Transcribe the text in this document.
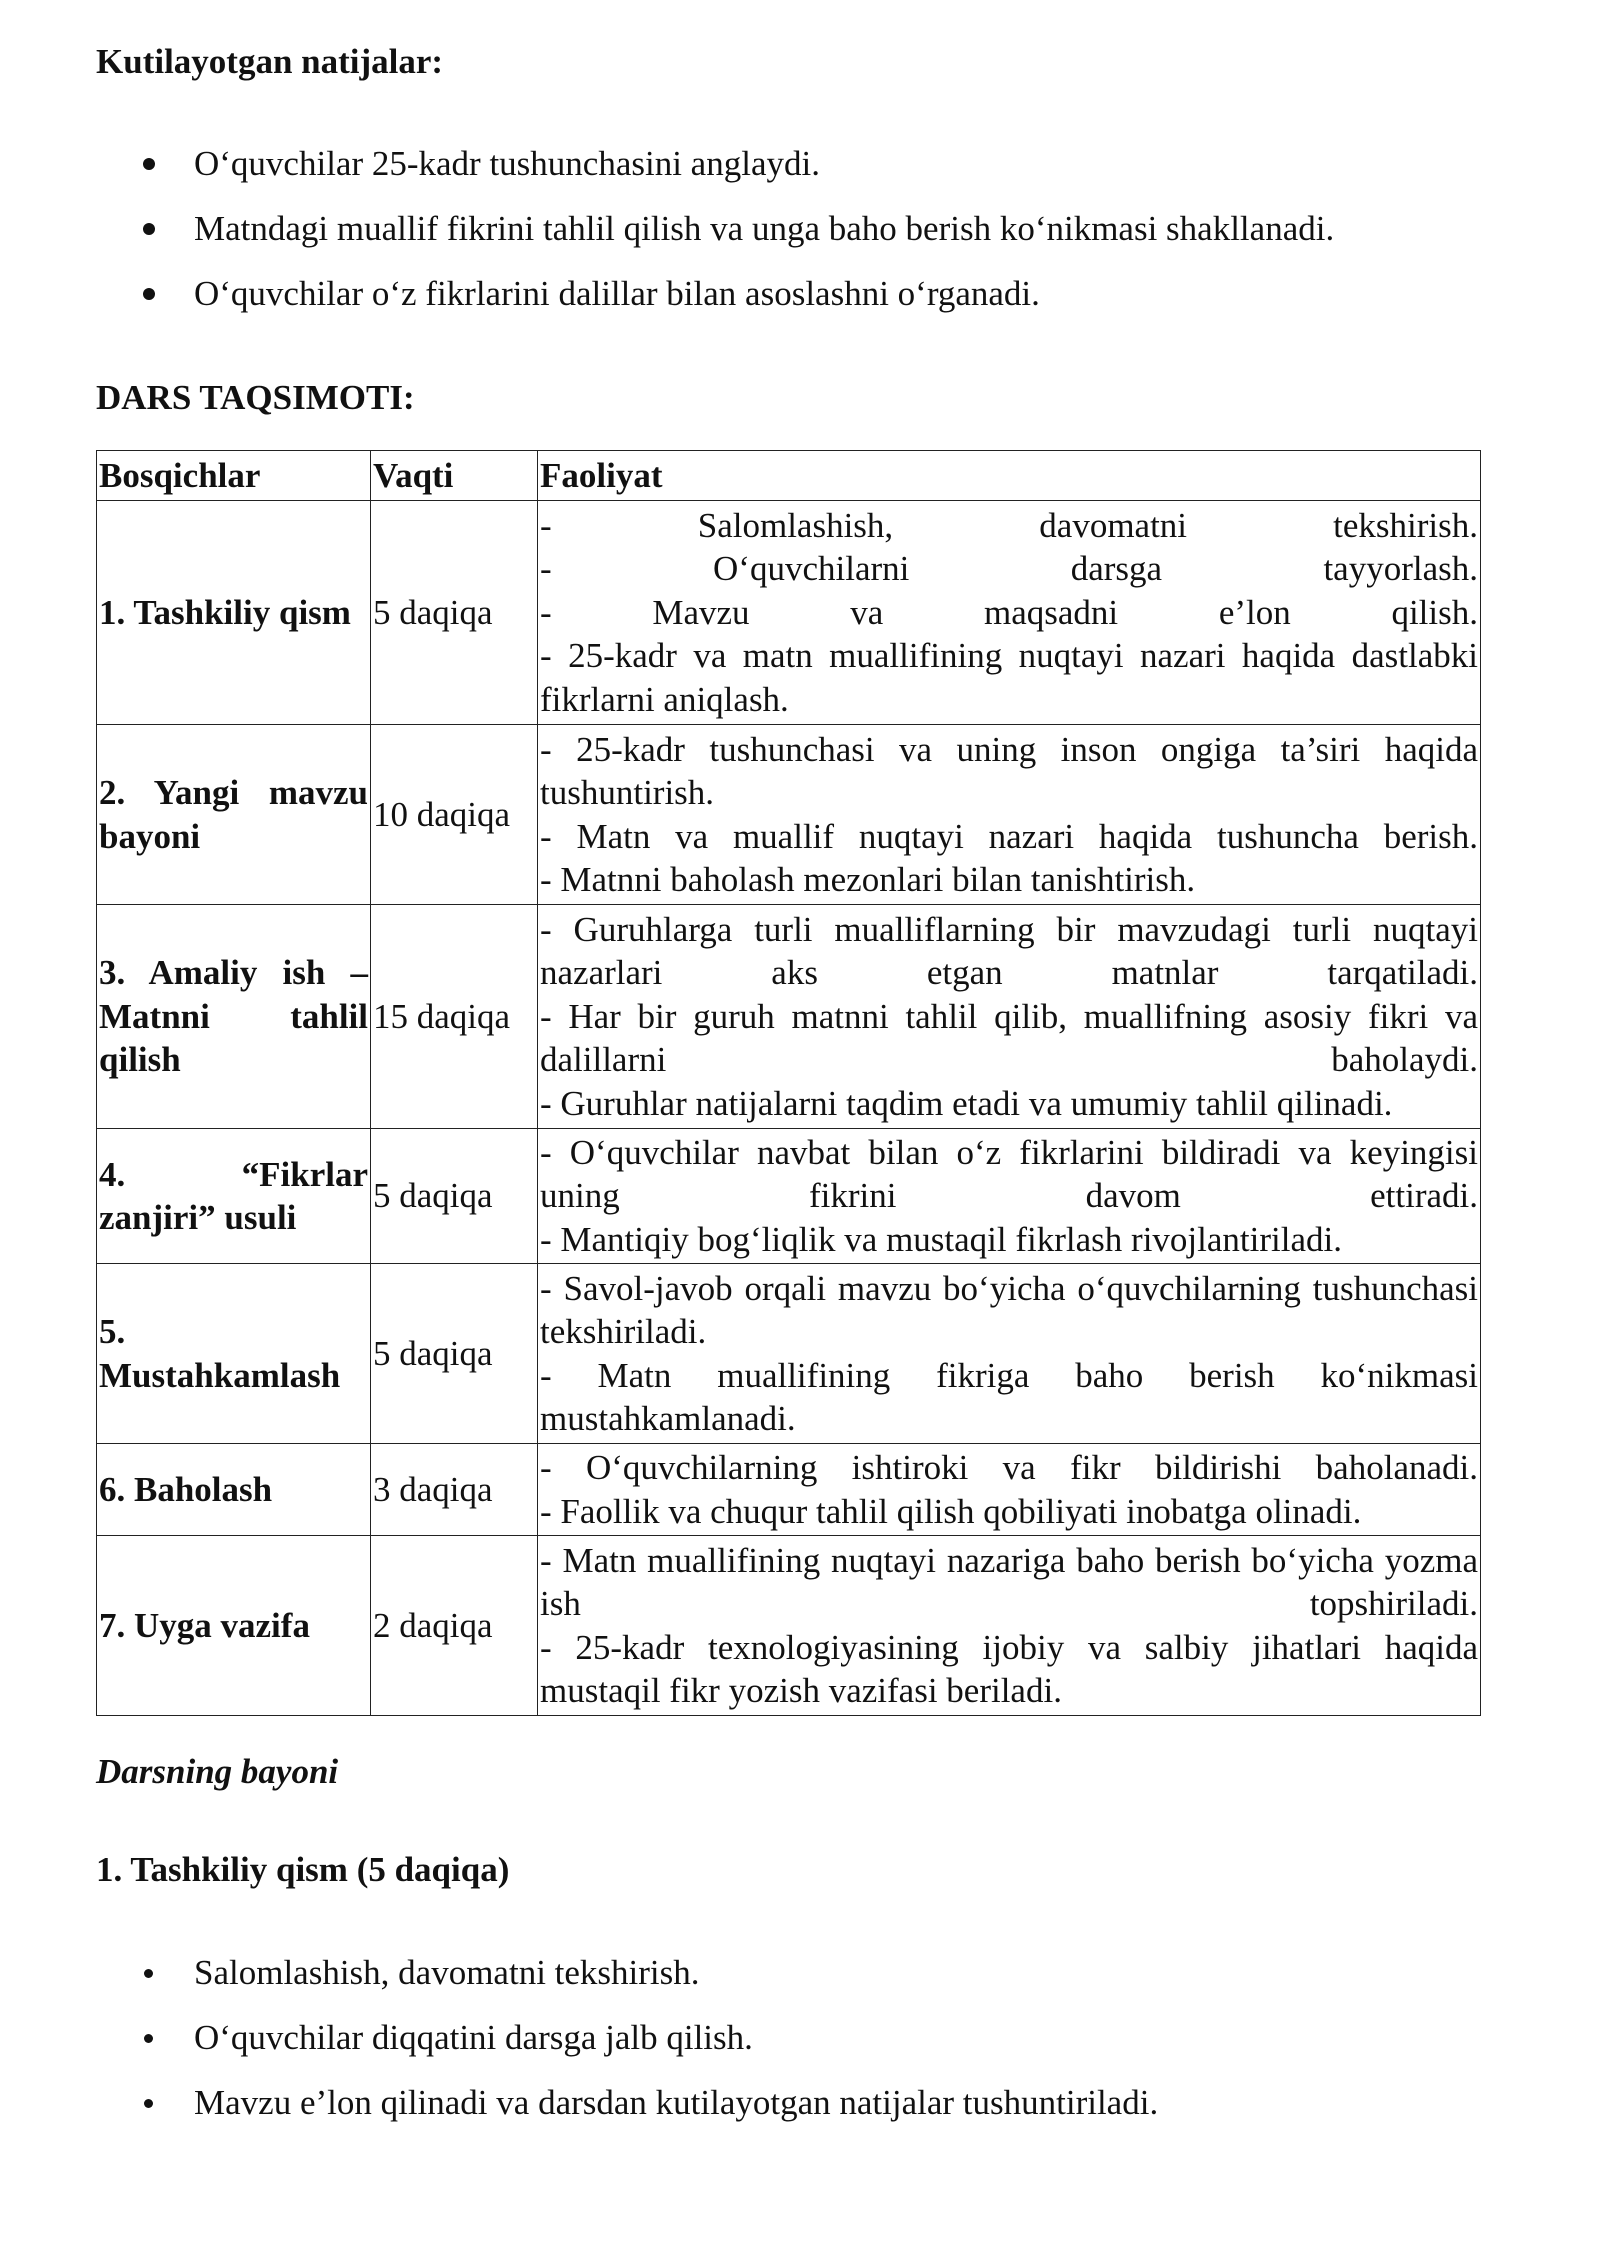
Kutilayotgan natijalar:

O‘quvchilar 25-kadr tushunchasini anglaydi.
Matndagi muallif fikrini tahlil qilish va unga baho berish ko‘nikmasi shakllanadi.
O‘quvchilar o‘z fikrlarini dalillar bilan asoslashni o‘rganadi.

DARS TAQSIMOTI:

Bosqichlar	Vaqti	Faoliyat
1. Tashkiliy qism	5 daqiqa	- Salomlashish, davomatni tekshirish.
- O‘quvchilarni darsga tayyorlash.
- Mavzu va maqsadni e’lon qilish.
- 25-kadr va matn muallifining nuqtayi nazari haqida dastlabki fikrlarni aniqlash.

2. Yangi mavzu bayoni	10 daqiqa	- 25-kadr tushunchasi va uning inson ongiga ta’siri haqida tushuntirish.
- Matn va muallif nuqtayi nazari haqida tushuncha berish.
- Matnni baholash mezonlari bilan tanishtirish.

3. Amaliy ish – Matnni tahlil qilish	15 daqiqa	- Guruhlarga turli mualliflarning bir mavzudagi turli nuqtayi nazarlari aks etgan matnlar tarqatiladi.
- Har bir guruh matnni tahlil qilib, muallifning asosiy fikri va dalillarni baholaydi.
- Guruhlar natijalarni taqdim etadi va umumiy tahlil qilinadi.

4. “Fikrlar zanjiri” usuli	5 daqiqa	- O‘quvchilar navbat bilan o‘z fikrlarini bildiradi va keyingisi uning fikrini davom ettiradi.
- Mantiqiy bog‘liqlik va mustaqil fikrlash rivojlantiriladi.

5. Mustahkamlash	5 daqiqa	- Savol-javob orqali mavzu bo‘yicha o‘quvchilarning tushunchasi tekshiriladi.
- Matn muallifining fikriga baho berish ko‘nikmasi mustahkamlanadi.

6. Baholash	3 daqiqa	- O‘quvchilarning ishtiroki va fikr bildirishi baholanadi.
- Faollik va chuqur tahlil qilish qobiliyati inobatga olinadi.

7. Uyga vazifa	2 daqiqa	- Matn muallifining nuqtayi nazariga baho berish bo‘yicha yozma ish topshiriladi.
- 25-kadr texnologiyasining ijobiy va salbiy jihatlari haqida mustaqil fikr yozish vazifasi beriladi.

Darsning bayoni

1. Tashkiliy qism (5 daqiqa)

Salomlashish, davomatni tekshirish.
O‘quvchilar diqqatini darsga jalb qilish.
Mavzu e’lon qilinadi va darsdan kutilayotgan natijalar tushuntiriladi.
